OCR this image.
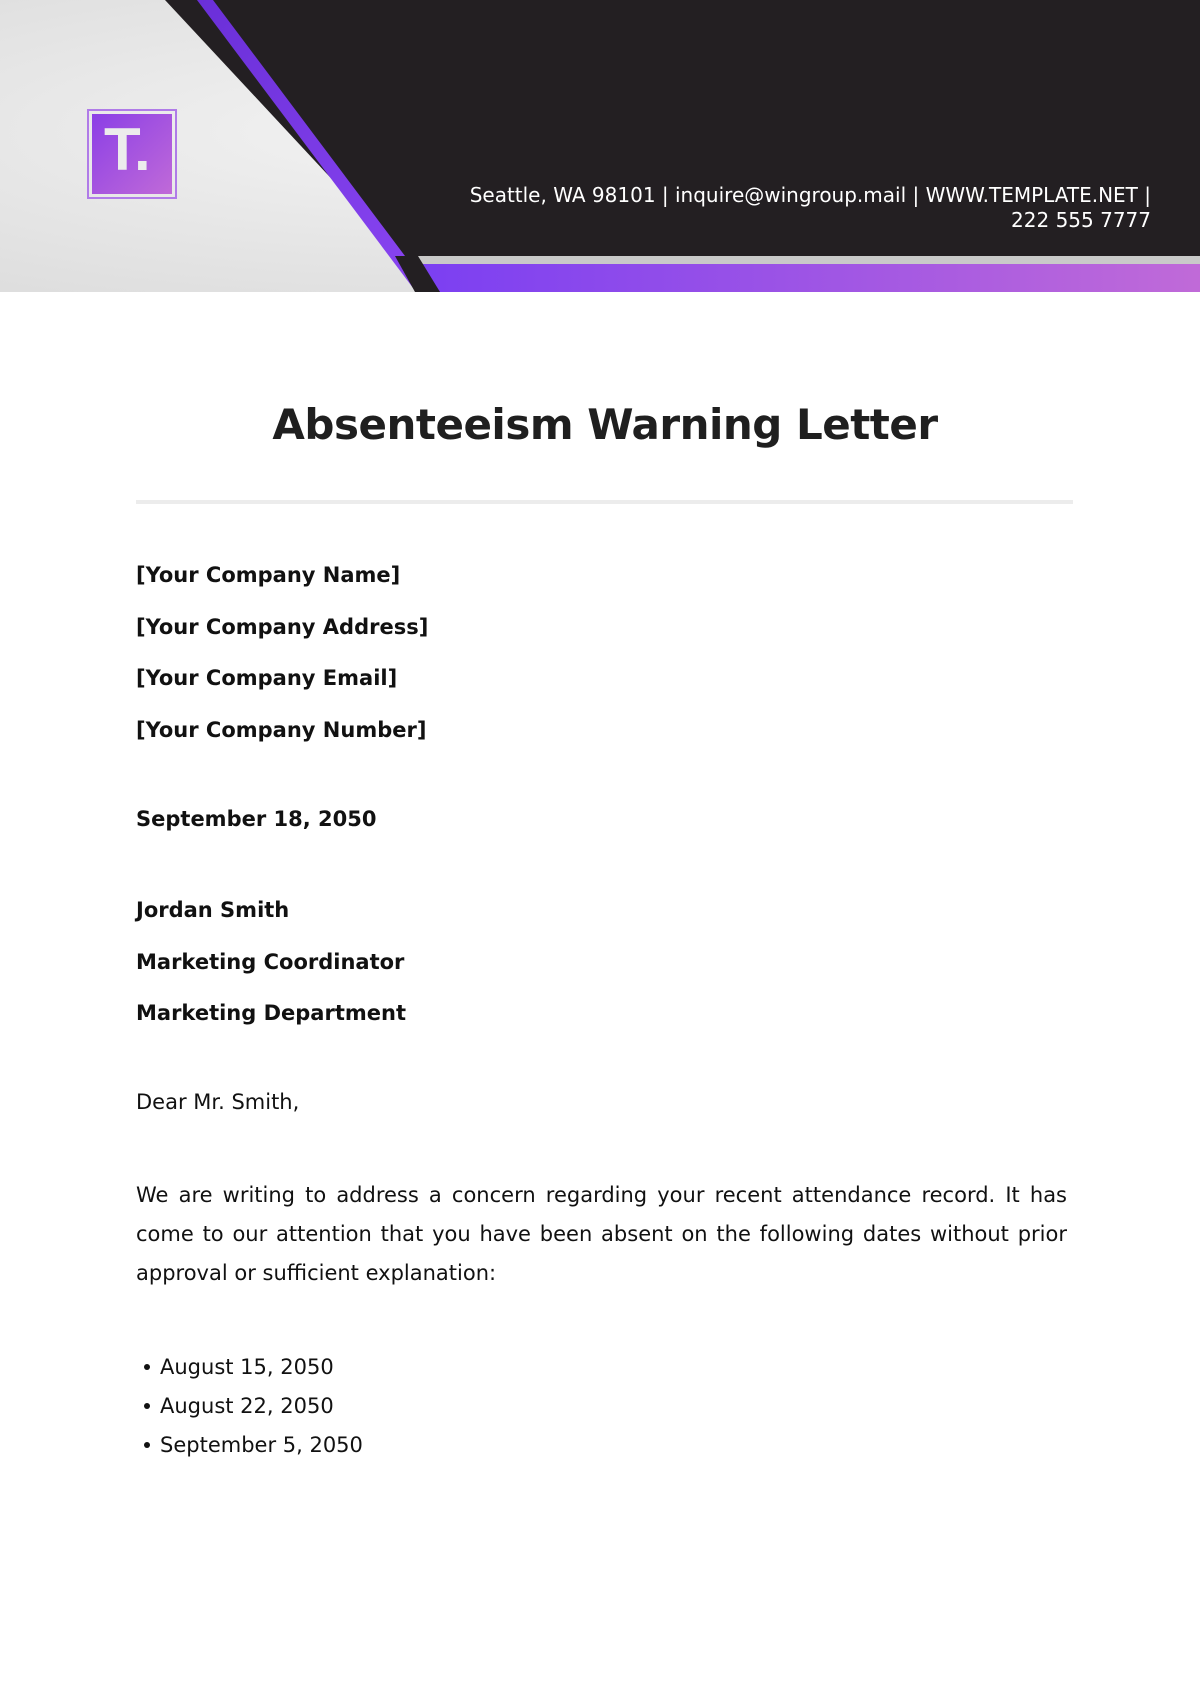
T.
Seattle, WA 98101 | inquire@wingroup.mail | WWW.TEMPLATE.NET |
222 555 7777
Absenteeism Warning Letter
[Your Company Name]
[Your Company Address]
[Your Company Email]
[Your Company Number]
September 18, 2050
Jordan Smith
Marketing Coordinator
Marketing Department
Dear Mr. Smith,

We are writing to address a concern regarding your recent attendance record. It has come to our attention that you have been absent on the following dates without prior approval or sufficient explanation:

August 15, 2050
August 22, 2050
September 5, 2050
